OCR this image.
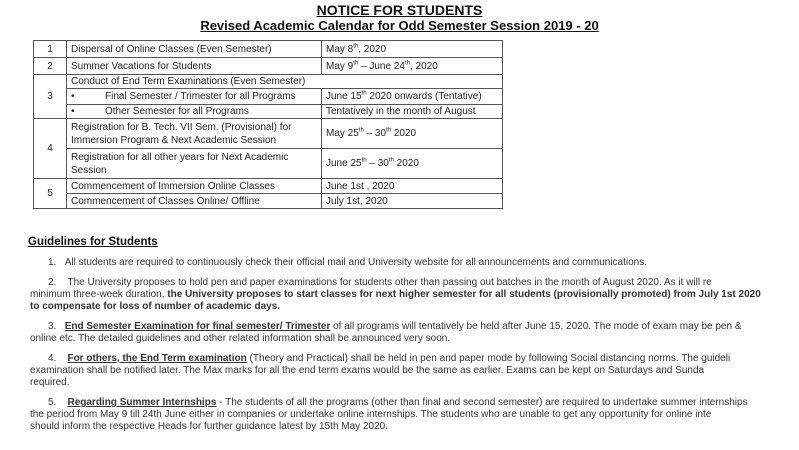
NOTICE FOR STUDENTS
Revised Academic Calendar for Odd Semester Session 2019 - 20
1	Dispersal of Online Classes (Even Semester)	May 8th, 2020
2	Summer Vacations for Students	May 9th – June 24th, 2020
3	Conduct of End Term Examinations (Even Semester)	
	• Final Semester / Trimester for all Programs	June 15th 2020 onwards (Tentative)
	• Other Semester for all Programs	Tentatively in the month of August
4	Registration for B. Tech. VII Sem. (Provisional) for Immersion Program & Next Academic Session	May 25th – 30th 2020
	Registration for all other years for Next Academic Session	June 25th – 30th 2020
5	Commencement of Immersion Online Classes	June 1st , 2020
	Commencement of Classes Online/ Offline	July 1st, 2020
Guidelines for Students
1. All students are required to continuously check their official mail and University website for all announcements and communications.
2. The University proposes to hold pen and paper examinations for students other than passing out batches in the month of August 2020. As it will re
minimum three-week duration, the University proposes to start classes for next higher semester for all students (provisionally promoted) from July 1st 2020
to compensate for loss of number of academic days.
3. End Semester Examination for final semester/ Trimester of all programs will tentatively be held after June 15, 2020. The mode of exam may be pen &
online etc. The detailed guidelines and other related information shall be announced very soon.
4. For others, the End Term examination (Theory and Practical) shall be held in pen and paper mode by following Social distancing norms. The guideli
examination shall be notified later. The Max marks for all the end term exams would be the same as earlier. Exams can be kept on Saturdays and Sunda
required.
5. Regarding Summer Internships - The students of all the programs (other than final and second semester) are required to undertake summer internships
the period from May 9 till 24th June either in companies or undertake online internships. The students who are unable to get any opportunity for online inte
should inform the respective Heads for further guidance latest by 15th May 2020.
